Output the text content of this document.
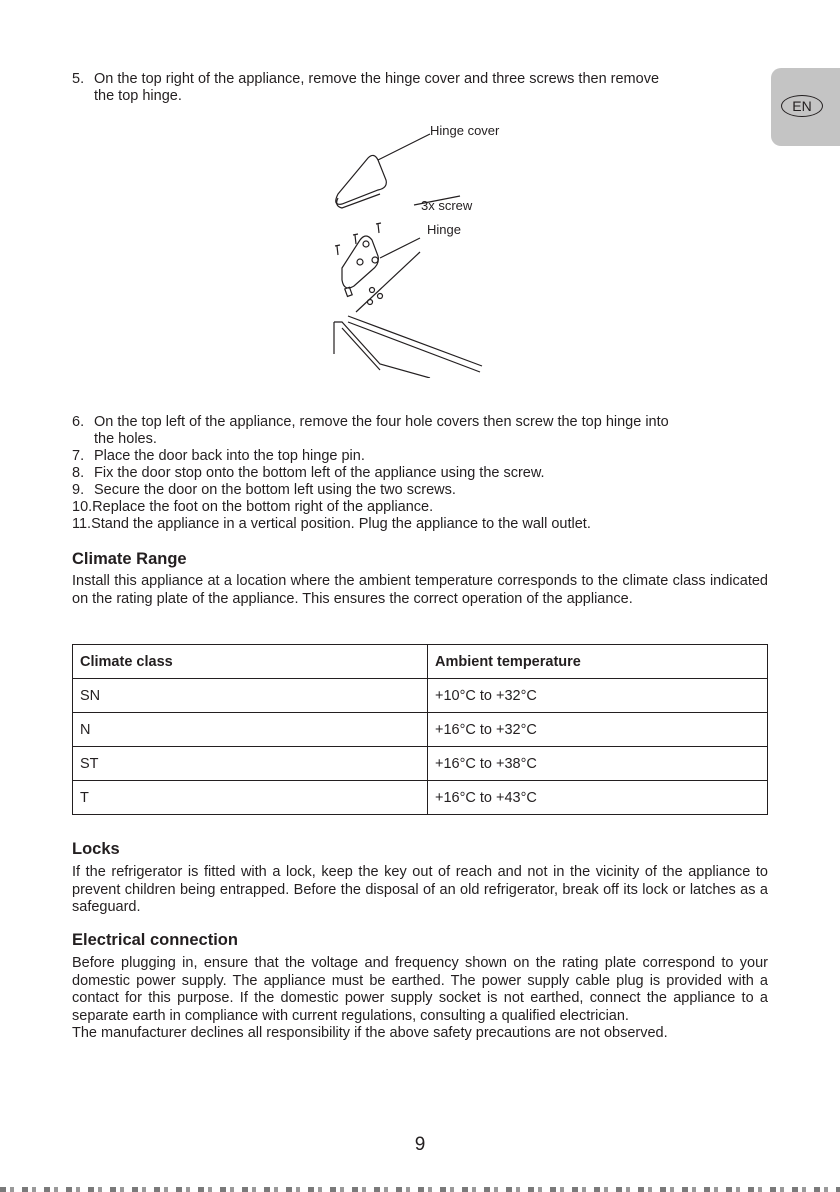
EN
5. On the top right of the appliance, remove the hinge cover and three screws then remove
the top hinge.
Hinge cover
3x screw
Hinge
6. On the top left of the appliance, remove the four hole covers then screw the top hinge into
the holes.
7. Place the door back into the top hinge pin.
8. Fix the door stop onto the bottom left of the appliance using the screw.
9. Secure the door on the bottom left using the two screws.
10.Replace the foot on the bottom right of the appliance.
11.Stand the appliance in a vertical position. Plug the appliance to the wall outlet.
Climate Range
Install this appliance at a location where the ambient temperature corresponds to the climate class indicated on the rating plate of the appliance. This ensures the correct operation of the appliance.
Climate class	Ambient temperature
SN	+10°C to +32°C
N	+16°C to +32°C
ST	+16°C to +38°C
T	+16°C to +43°C
Locks
If the refrigerator is fitted with a lock, keep the key out of reach and not in the vicinity of the appliance to prevent children being entrapped. Before the disposal of an old refrigerator, break off its lock or latches as a safeguard.
Electrical connection
Before plugging in, ensure that the voltage and frequency shown on the rating plate correspond to your domestic power supply. The appliance must be earthed. The power supply cable plug is provided with a contact for this purpose. If the domestic power supply socket is not earthed, connect the appliance to a separate earth in compliance with current regulations, consulting a qualified electrician.
The manufacturer declines all responsibility if the above safety precautions are not observed.
9
